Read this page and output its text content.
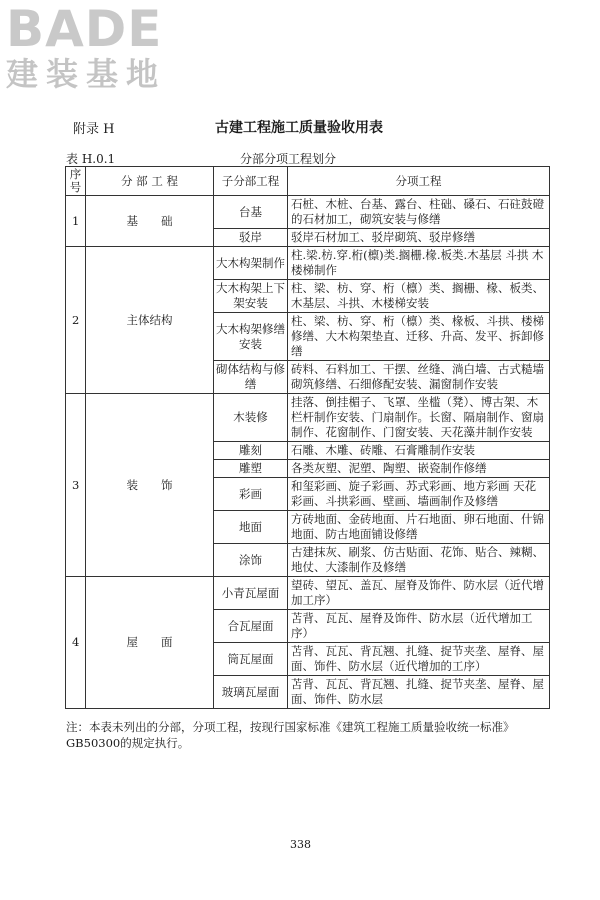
BADE
建装基地
附录 H	古建工程施工质量验收用表
表 H.0.1	分部分项工程划分
序号	分 部 工 程	子分部工程	分项工程
1	基　　础	台基	石桩、木桩、台基、露台、柱础、磉石、石砫鼓磴的石材加工，砌筑安装与修缮
		驳岸	驳岸石材加工、驳岸砌筑、驳岸修缮
2	主体结构	大木构架制作	柱.梁.枋.穿.桁(檩)类.搁栅.椽.板类.木基层 斗拱 木楼梯制作
		大木构架上下架安装	柱、梁、枋、穿、桁（檩）类、搁栅、椽、板类、木基层、斗拱、木楼梯安装
		大木构架修缮安装	柱、梁、枋、穿、桁（檩）类、椽板、斗拱、楼梯修缮、大木构架垫直、迁移、升高、发平、拆卸修缮
		砌体结构与修缮	砖料、石料加工、干摆、丝缝、淌白墙、古式糙墙砌筑修缮、石细修配安装、漏窗制作安装
3	装　　饰	木装修	挂落、倒挂楣子、飞罩、坐槛（凳）、博古架、木栏杆制作安装、门扇制作。长窗、隔扇制作、窗扇制作、花窗制作、门窗安装、天花藻井制作安装
		雕刻	石雕、木雕、砖雕、石膏雕制作安装
		雕塑	各类灰塑、泥塑、陶塑、嵌瓷制作修缮
		彩画	和玺彩画、旋子彩画、苏式彩画、地方彩画 天花彩画、斗拱彩画、壁画、墙画制作及修缮
		地面	方砖地面、金砖地面、片石地面、卵石地面、什锦地面、防古地面铺设修缮
		涂饰	古建抹灰、刷浆、仿古贴面、花饰、贴合、辣糊、地仗、大漆制作及修缮
4	屋　　面	小青瓦屋面	望砖、望瓦、盖瓦、屋脊及饰件、防水层（近代增加工序）
		合瓦屋面	苫背、瓦瓦、屋脊及饰件、防水层（近代增加工序）
		筒瓦屋面	苫背、瓦瓦、背瓦翘、扎缝、捉节夹垄、屋脊、屋面、饰件、防水层（近代增加的工序）
		玻璃瓦屋面	苫背、瓦瓦、背瓦翘、扎缝、捉节夹垄、屋脊、屋面、饰件、防水层
注：本表未列出的分部，分项工程，按现行国家标准《建筑工程施工质量验收统一标准》GB50300的规定执行。
338
